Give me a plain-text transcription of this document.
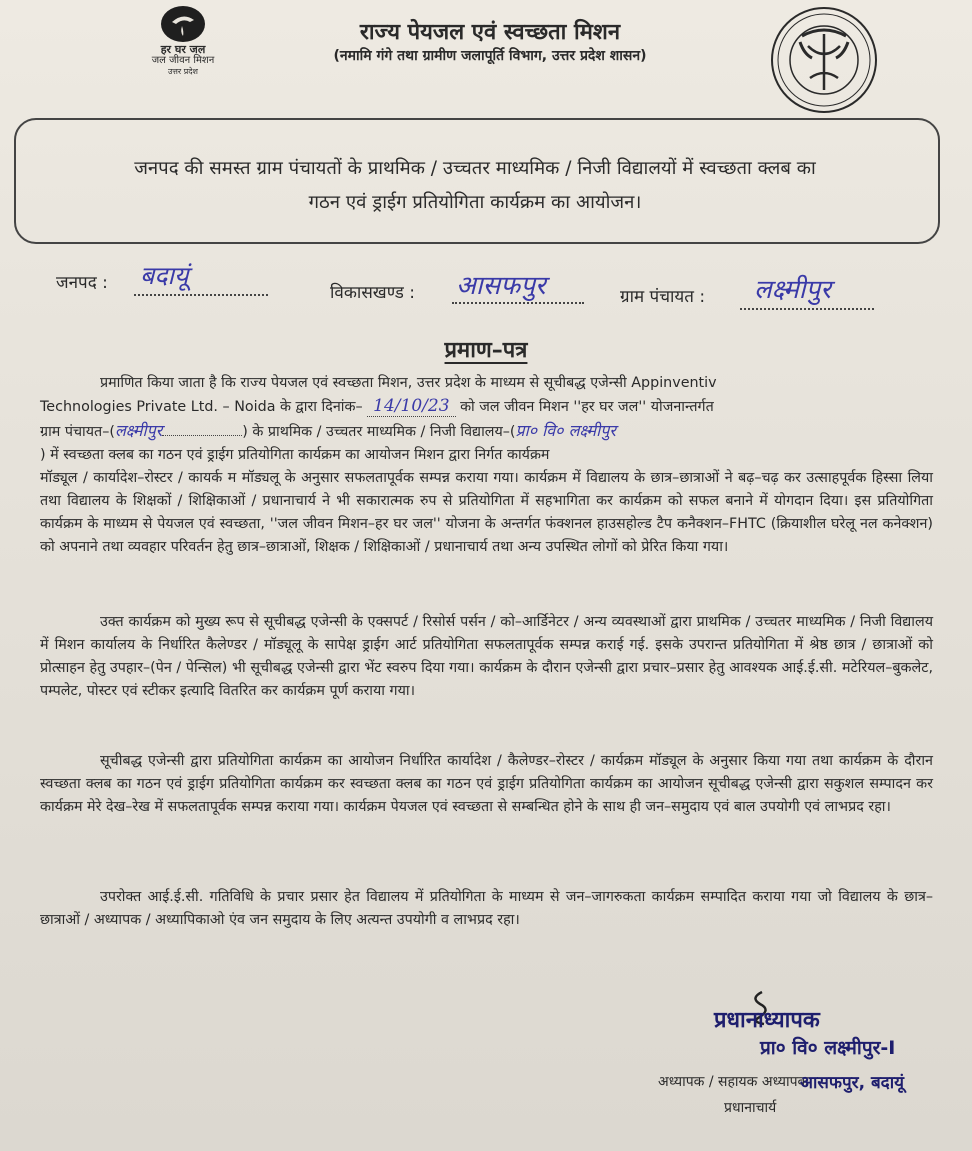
हर घर जल
जल जीवन मिशन
उत्तर प्रदेश
राज्य पेयजल एवं स्वच्छता मिशन
(नमामि गंगे तथा ग्रामीण जलापूर्ति विभाग, उत्तर प्रदेश शासन)
जनपद की समस्त ग्राम पंचायतों के प्राथमिक / उच्चतर माध्यमिक / निजी विद्यालयों में स्वच्छता क्लब का
गठन एवं ड्राईग प्रतियोगिता कार्यक्रम का आयोजन।
जनपद : बदायूं
विकासखण्ड : आसफपुर	ग्राम पंचायत : लक्ष्मीपुर
प्रमाण–पत्र
प्रमाणित किया जाता है कि राज्य पेयजल एवं स्वच्छता मिशन, उत्तर प्रदेश के माध्यम से सूचीबद्ध एजेन्सी Appinventiv
Technologies Private Ltd. – Noida के द्वारा दिनांक– 14/10/23 को जल जीवन मिशन ''हर घर जल'' योजनान्तर्गत
ग्राम पंचायत–(लक्ष्मीपुर	) के प्राथमिक / उच्चतर माध्यमिक / निजी विद्यालय–(प्रा० वि० लक्ष्मीपुर
) में स्वच्छता क्लब का गठन एवं ड्राईग प्रतियोगिता कार्यक्रम का आयोजन मिशन द्वारा निर्गत कार्यक्रम
मॉड्यूल / कार्यादेश–रोस्टर / कायर्क म मॉड्यलू के अनुसार सफलतापूर्वक सम्पन्न कराया गया। कार्यक्रम में विद्यालय के छात्र–छात्राओं ने बढ़–चढ़ कर उत्साहपूर्वक हिस्सा लिया तथा विद्यालय के शिक्षकों / शिक्षिकाओं / प्रधानाचार्य ने भी सकारात्मक रुप से प्रतियोगिता में सहभागिता कर कार्यक्रम को सफल बनाने में योगदान दिया। इस प्रतियोगिता कार्यक्रम के माध्यम से पेयजल एवं स्वच्छता, ''जल जीवन मिशन–हर घर जल'' योजना के अन्तर्गत फंक्शनल हाउसहोल्ड टैप कनैक्शन–FHTC (क्रियाशील घरेलू नल कनेक्शन) को अपनाने तथा व्यवहार परिवर्तन हेतु छात्र–छात्राओं, शिक्षक / शिक्षिकाओं / प्रधानाचार्य तथा अन्य उपस्थित लोगों को प्रेरित किया गया।

उक्त कार्यक्रम को मुख्य रूप से सूचीबद्ध एजेन्सी के एक्सपर्ट / रिसोर्स पर्सन / को–आर्डिनेटर / अन्य व्यवस्थाओं द्वारा प्राथमिक / उच्चतर माध्यमिक / निजी विद्यालय में मिशन कार्यालय के निर्धारित कैलेण्डर / मॉड्यूलू के सापेक्ष ड्राईग आर्ट प्रतियोगिता सफलतापूर्वक सम्पन्न कराई गई. इसके उपरान्त प्रतियोगिता में श्रेष्ठ छात्र / छात्राओं को प्रोत्साहन हेतु उपहार–(पेन / पेन्सिल) भी सूचीबद्ध एजेन्सी द्वारा भेंट स्वरुप दिया गया। कार्यक्रम के दौरान एजेन्सी द्वारा प्रचार–प्रसार हेतु आवश्यक आई.ई.सी. मटेरियल–बुकलेट, पम्पलेट, पोस्टर एवं स्टीकर इत्यादि वितरित कर कार्यक्रम पूर्ण कराया गया।

सूचीबद्ध एजेन्सी द्वारा प्रतियोगिता कार्यक्रम का आयोजन निर्धारित कार्यादेश / कैलेण्डर–रोस्टर / कार्यक्रम मॉड्यूल के अनुसार किया गया तथा कार्यक्रम के दौरान स्वच्छता क्लब का गठन एवं ड्राईग प्रतियोगिता कार्यक्रम कर स्वच्छता क्लब का गठन एवं ड्राईग प्रतियोगिता कार्यक्रम का आयोजन सूचीबद्ध एजेन्सी द्वारा सकुशल सम्पादन कर कार्यक्रम मेरे देख–रेख में सफलतापूर्वक सम्पन्न कराया गया। कार्यक्रम पेयजल एवं स्वच्छता से सम्बन्धित होने के साथ ही जन–समुदाय एवं बाल उपयोगी एवं लाभप्रद रहा।

उपरोक्त आई.ई.सी. गतिविधि के प्रचार प्रसार हेत विद्यालय में प्रतियोगिता के माध्यम से जन–जागरुकता कार्यक्रम सम्पादित कराया गया जो विद्यालय के छात्र–छात्राओं / अध्यापक / अध्यापिकाओ एंव जन समुदाय के लिए अत्यन्त उपयोगी व लाभप्रद रहा।

प्रधानाध्यापक
प्रा० वि० लक्ष्मीपुर-I
अध्यापक / सहायक अध्यापक
आसफपुर, बदायूं
प्रधानाचार्य
